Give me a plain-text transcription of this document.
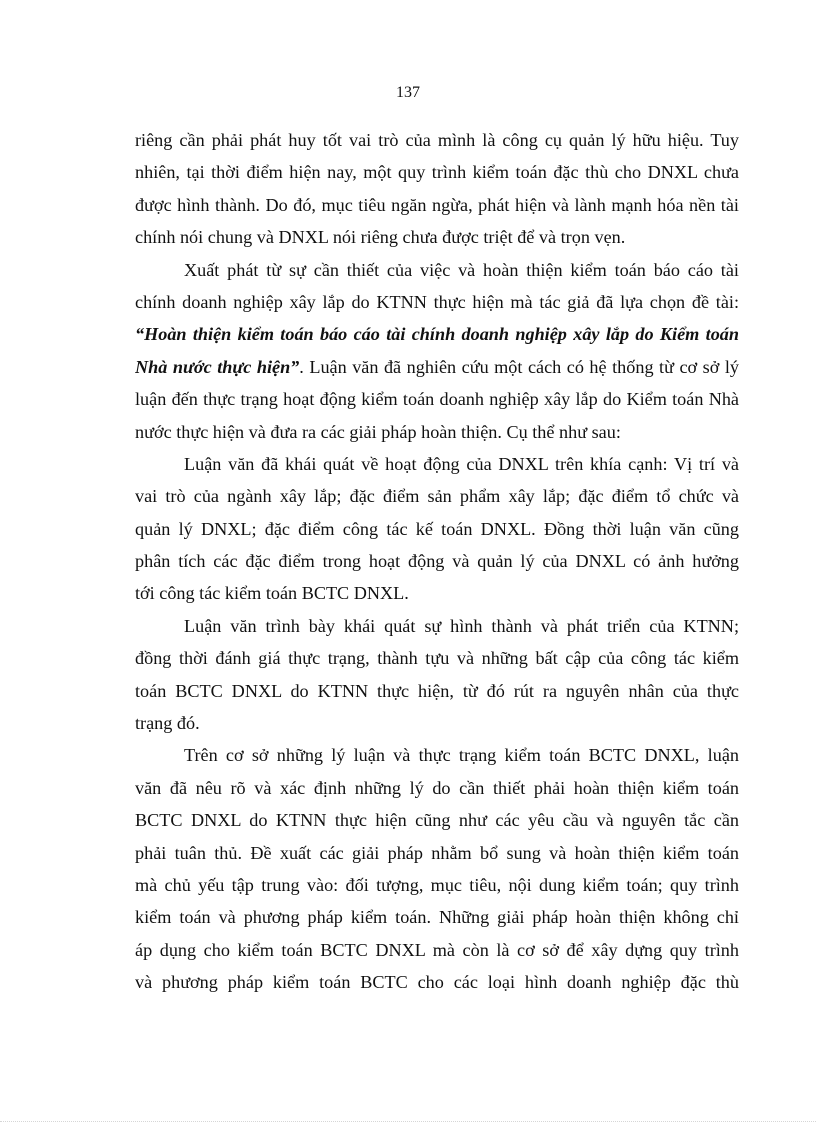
137
riêng cần phải phát huy tốt vai trò của mình là công cụ quản lý hữu hiệu. Tuy
nhiên, tại thời điểm hiện nay, một quy trình kiểm toán đặc thù cho DNXL chưa
được hình thành. Do đó, mục tiêu ngăn ngừa, phát hiện và lành mạnh hóa nền tài
chính nói chung và DNXL nói riêng chưa được triệt để và trọn vẹn.
Xuất phát từ sự cần thiết của việc và hoàn thiện kiểm toán báo cáo tài
chính doanh nghiệp xây lắp do KTNN thực hiện mà tác giả đã lựa chọn đề tài:
“Hoàn thiện kiểm toán báo cáo tài chính doanh nghiệp xây lắp do Kiểm toán
Nhà nước thực hiện”. Luận văn đã nghiên cứu một cách có hệ thống từ cơ sở lý
luận đến thực trạng hoạt động kiểm toán doanh nghiệp xây lắp do Kiểm toán Nhà
nước thực hiện và đưa ra các giải pháp hoàn thiện. Cụ thể như sau:
Luận văn đã khái quát về hoạt động của DNXL trên khía cạnh: Vị trí và
vai trò của ngành xây lắp; đặc điểm sản phẩm xây lắp; đặc điểm tổ chức và
quản lý DNXL; đặc điểm công tác kế toán DNXL. Đồng thời luận văn cũng
phân tích các đặc điểm trong hoạt động và quản lý của DNXL có ảnh hưởng
tới công tác kiểm toán BCTC DNXL.
Luận văn trình bày khái quát sự hình thành và phát triển của KTNN;
đồng thời đánh giá thực trạng, thành tựu và những bất cập của công tác kiểm
toán BCTC DNXL do KTNN thực hiện, từ đó rút ra nguyên nhân của thực
trạng đó.
Trên cơ sở những lý luận và thực trạng kiểm toán BCTC DNXL, luận
văn đã nêu rõ và xác định những lý do cần thiết phải hoàn thiện kiểm toán
BCTC DNXL do KTNN thực hiện cũng như các yêu cầu và nguyên tắc cần
phải tuân thủ. Đề xuất các giải pháp nhằm bổ sung và hoàn thiện kiểm toán
mà chủ yếu tập trung vào: đối tượng, mục tiêu, nội dung kiểm toán; quy trình
kiểm toán và phương pháp kiểm toán. Những giải pháp hoàn thiện không chỉ
áp dụng cho kiểm toán BCTC DNXL mà còn là cơ sở để xây dựng quy trình
và phương pháp kiểm toán BCTC cho các loại hình doanh nghiệp đặc thù
